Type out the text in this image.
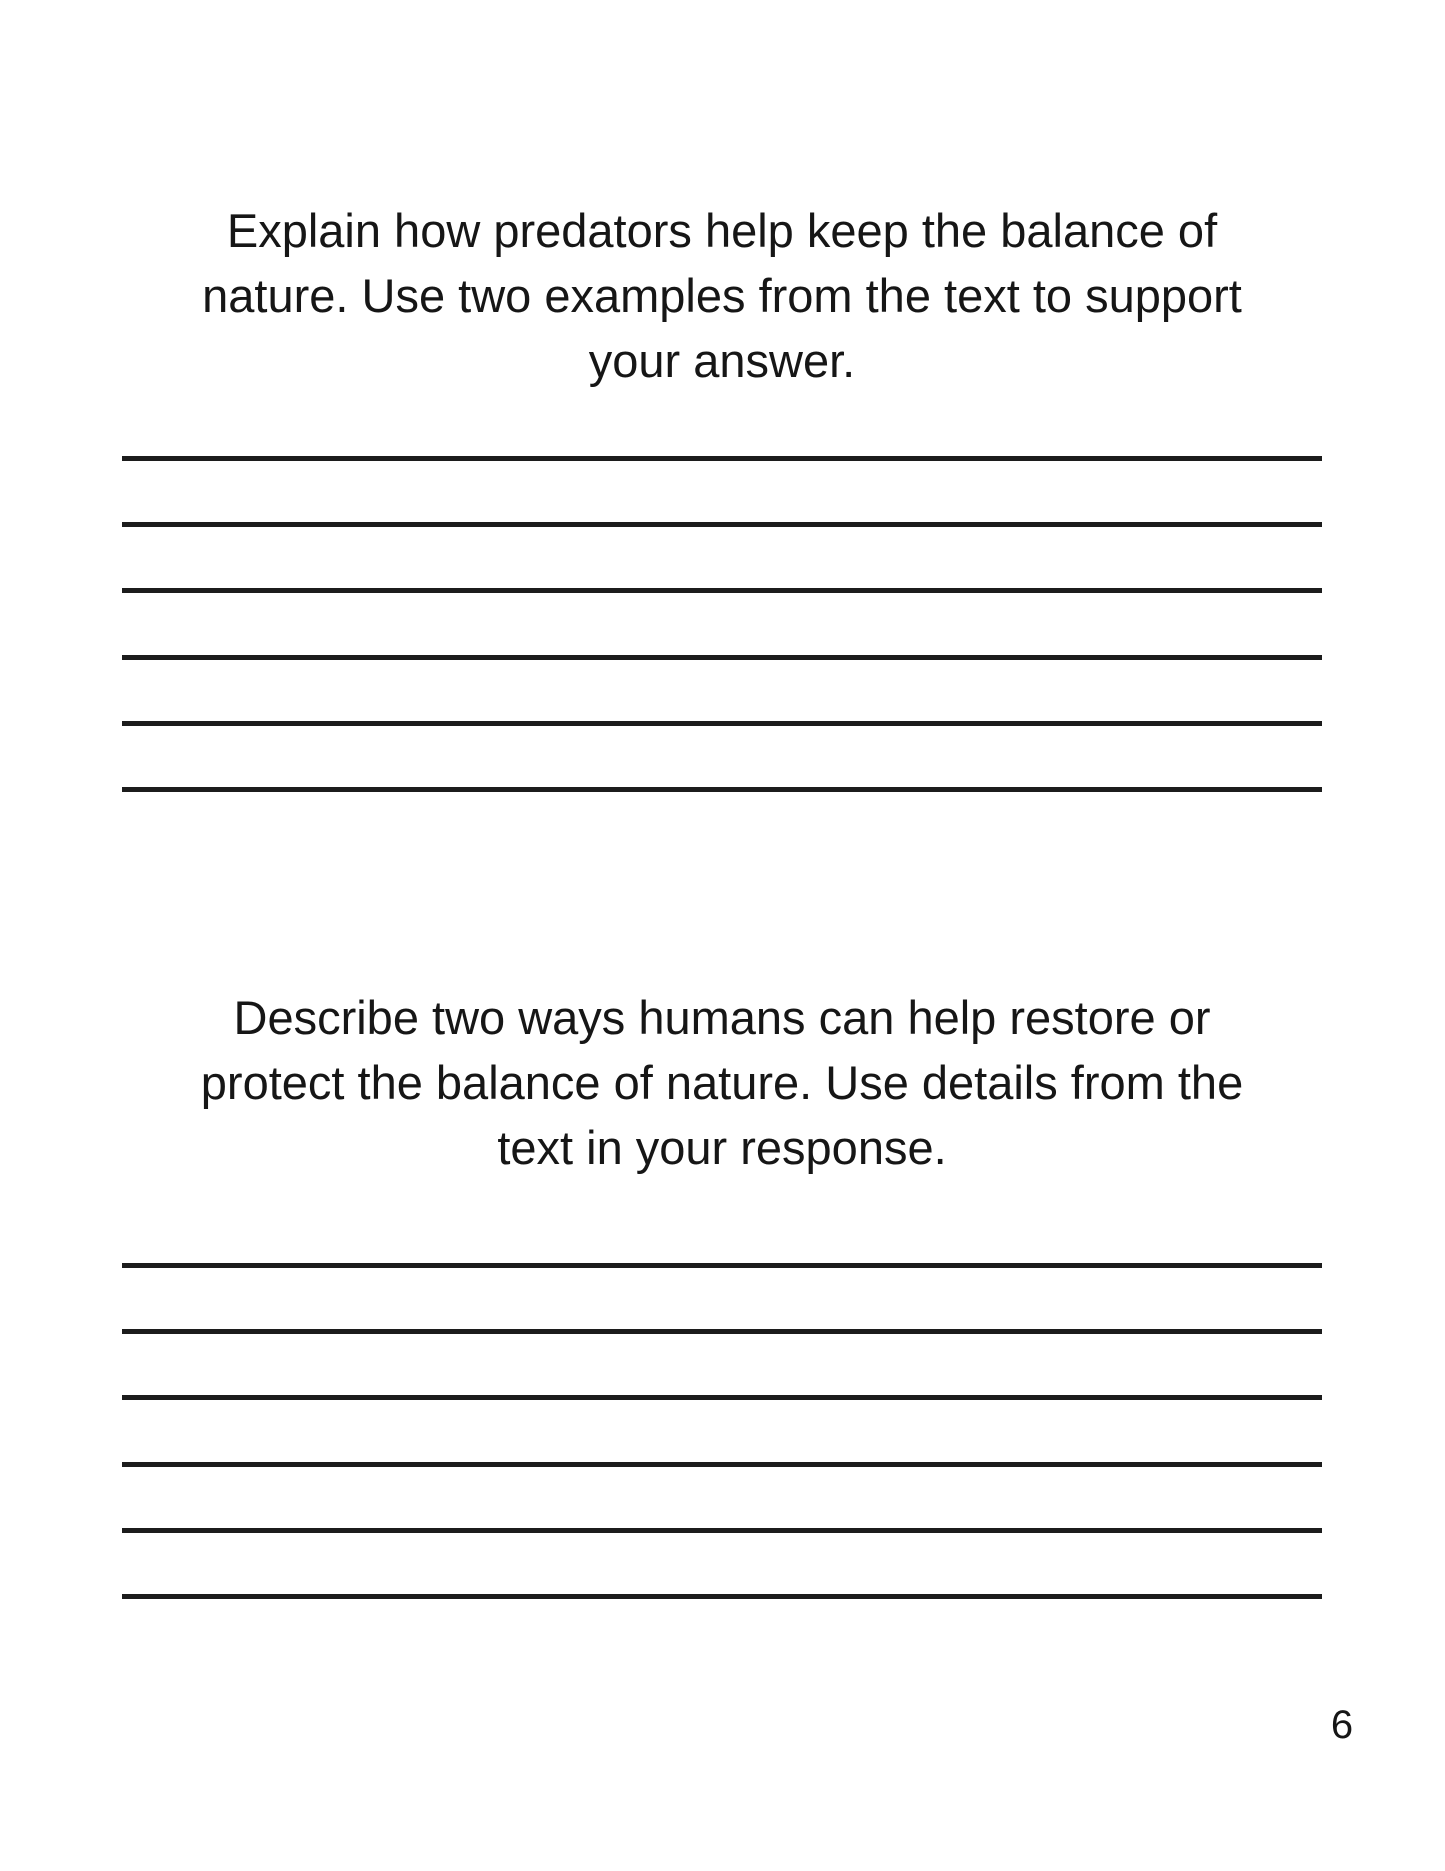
Explain how predators help keep the balance of
nature. Use two examples from the text to support
your answer.
Describe two ways humans can help restore or
protect the balance of nature. Use details from the
text in your response.
6
